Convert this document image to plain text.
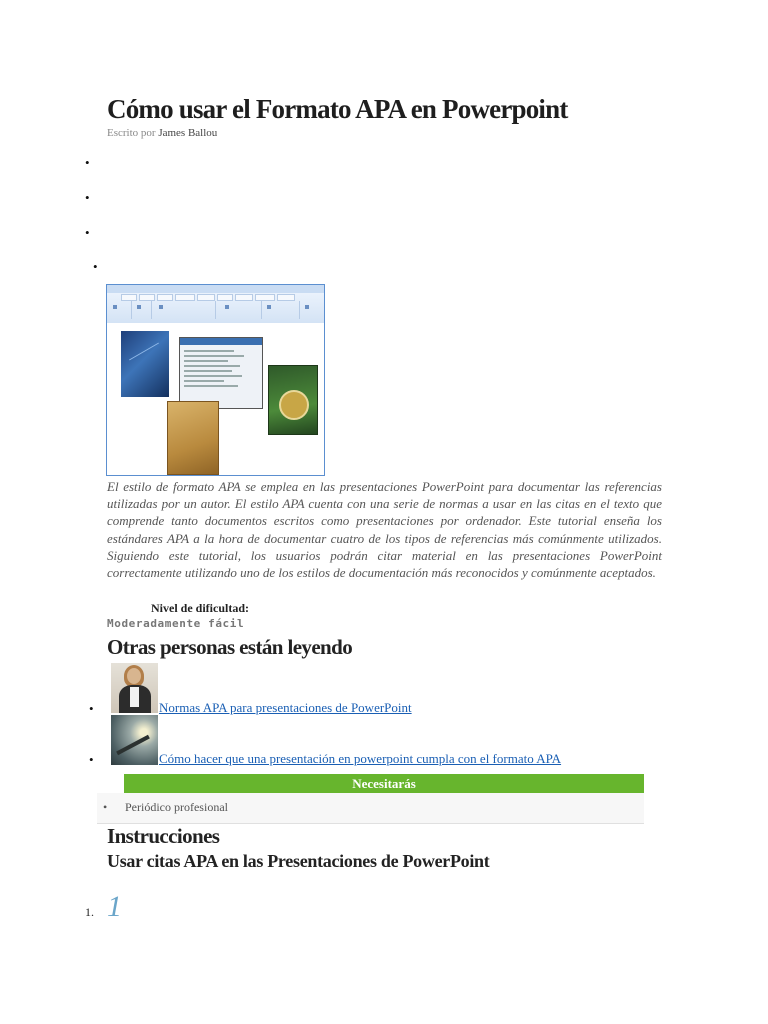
Cómo usar el Formato APA en Powerpoint
Escrito por James Ballou
•
•
•
•

El estilo de formato APA se emplea en las presentaciones PowerPoint para documentar las referencias utilizadas por un autor. El estilo APA cuenta con una serie de normas a usar en las citas en el texto que comprende tanto documentos escritos como presentaciones por ordenador. Este tutorial enseña los estándares APA a la hora de documentar cuatro de los tipos de referencias más comúnmente utilizados. Siguiendo este tutorial, los usuarios podrán citar material en las presentaciones PowerPoint correctamente utilizando uno de los estilos de documentación más reconocidos y comúnmente aceptados.

Nivel de dificultad:
Moderadamente fácil
Otras personas están leyendo
•	Normas APA para presentaciones de PowerPoint
•	Cómo hacer que una presentación en powerpoint cumpla con el formato APA
Necesitarás
• Periódico profesional
Instrucciones
Usar citas APA en las Presentaciones de PowerPoint
1. 1
